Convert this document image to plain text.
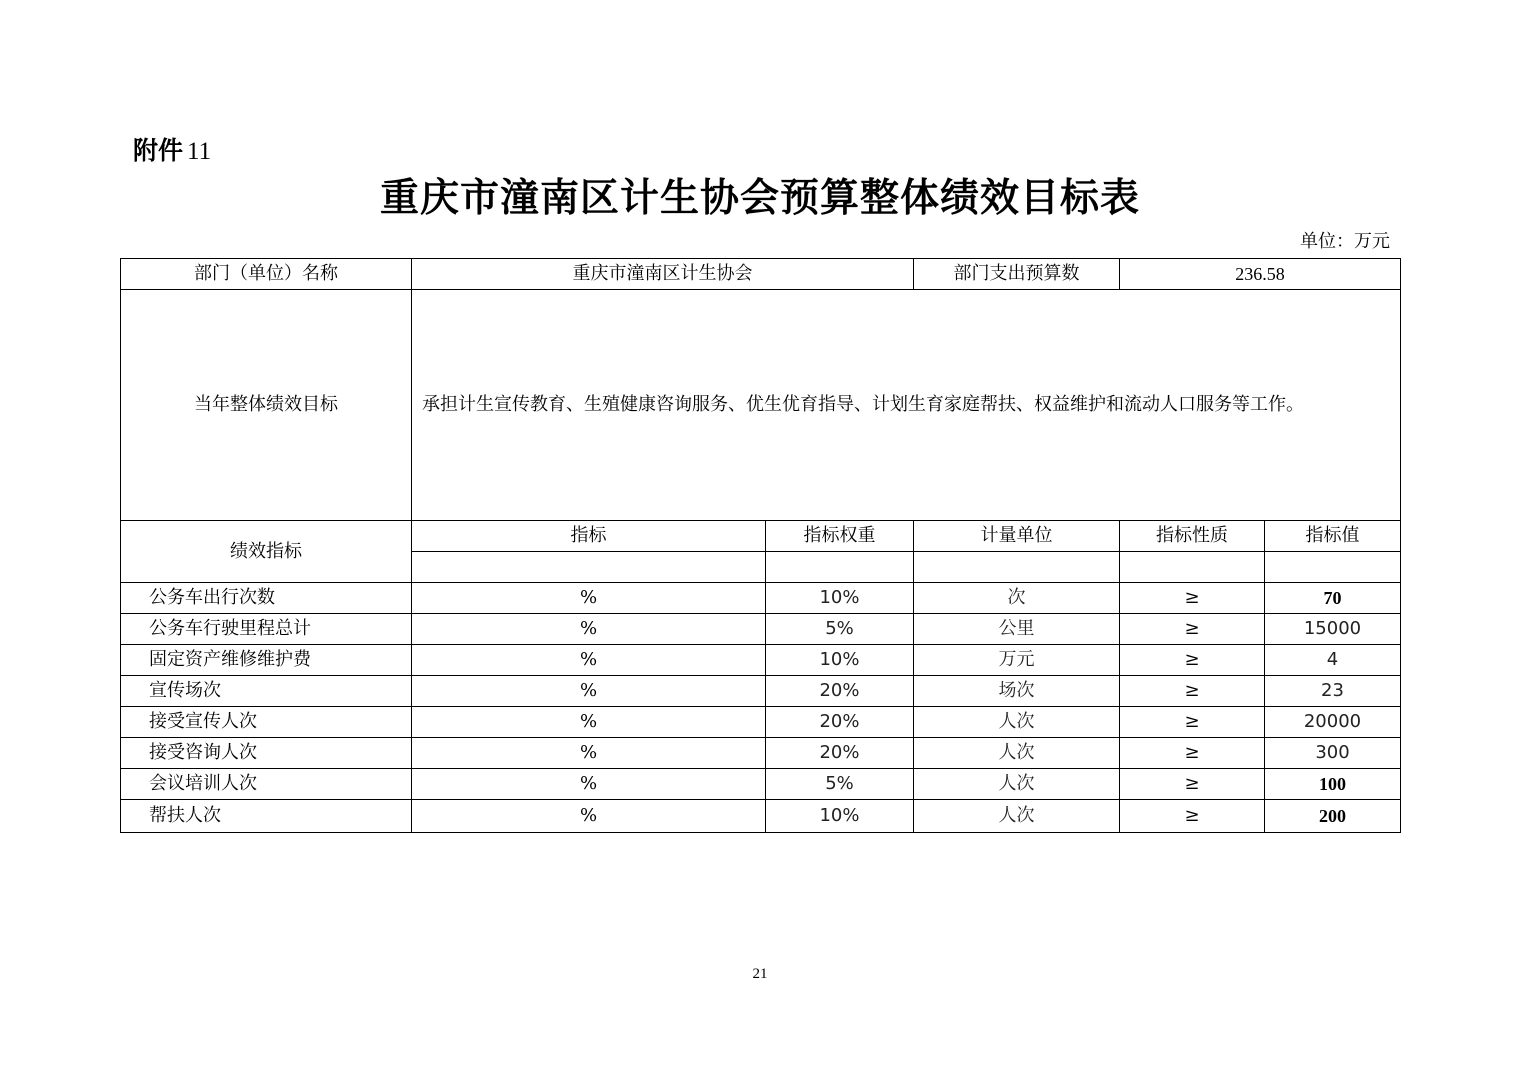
附件 11
重庆市潼南区计生协会预算整体绩效目标表
单位：万元
部门（单位）名称	重庆市潼南区计生协会		部门支出预算数	236.58	
当年整体绩效目标	承担计生宣传教育、生殖健康咨询服务、优生优育指导、计划生育家庭帮扶、权益维护和流动人口服务等工作。				
绩效指标	指标	指标权重	计量单位	指标性质	指标值

公务车出行次数	%	10%	次	≥	70
公务车行驶里程总计	%	5%	公里	≥	15000
固定资产维修维护费	%	10%	万元	≥	4
宣传场次	%	20%	场次	≥	23
接受宣传人次	%	20%	人次	≥	20000
接受咨询人次	%	20%	人次	≥	300
会议培训人次	%	5%	人次	≥	100
帮扶人次	%	10%	人次	≥	200
21
